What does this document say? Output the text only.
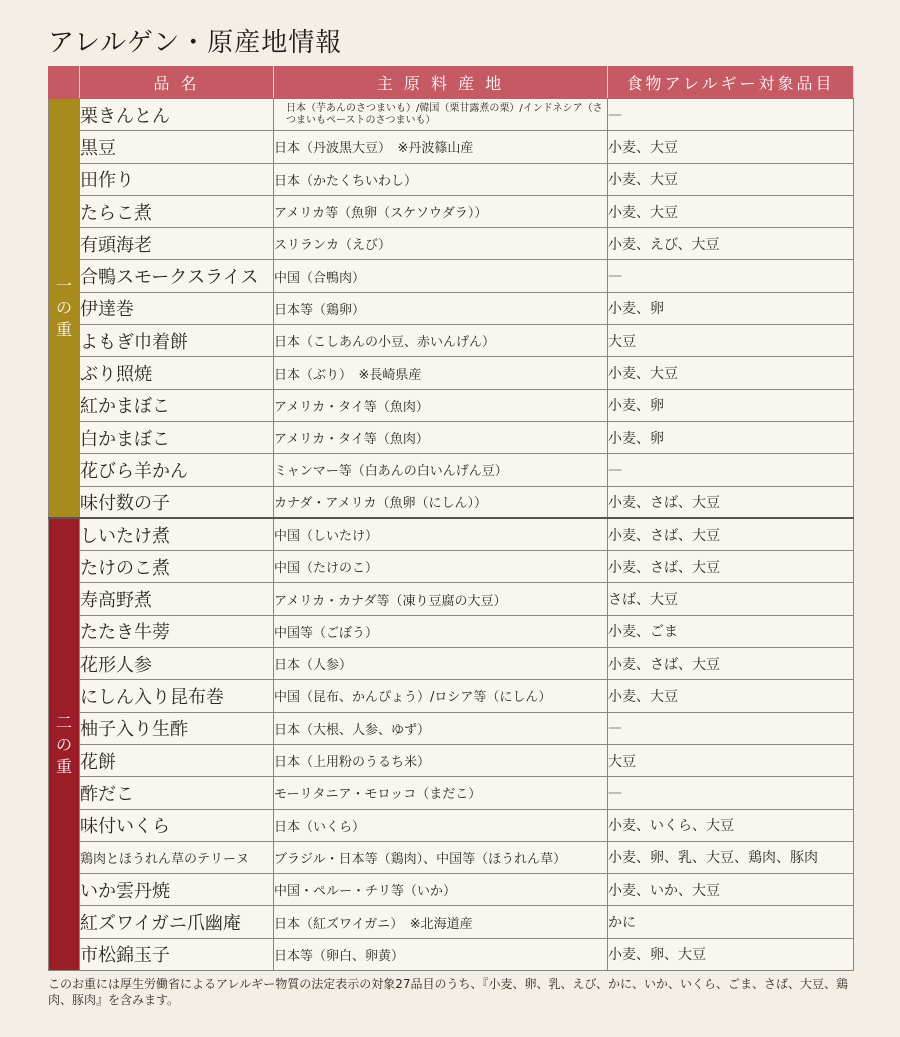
アレルゲン・原産地情報
	品 名	主 原 料 産 地	食物アレルギー対象品目

一
の
重	栗きんとん	日本（芋あんのさつまいも）/韓国（栗甘露煮の栗）/インドネシア（さつまいもペーストのさつまいも）	—
	黒豆	日本（丹波黒大豆）　※丹波篠山産	小麦、大豆
	田作り	日本（かたくちいわし）	小麦、大豆
	たらこ煮	アメリカ等（魚卵（スケソウダラ））	小麦、大豆
	有頭海老	スリランカ（えび）	小麦、えび、大豆
	合鴨スモークスライス	中国（合鴨肉）	—
	伊達巻	日本等（鶏卵）	小麦、卵
	よもぎ巾着餅	日本（こしあんの小豆、赤いんげん）	大豆
	ぶり照焼	日本（ぶり）　※長崎県産	小麦、大豆
	紅かまぼこ	アメリカ・タイ等（魚肉）	小麦、卵
	白かまぼこ	アメリカ・タイ等（魚肉）	小麦、卵
	花びら羊かん	ミャンマー等（白あんの白いんげん豆）	—
	味付数の子	カナダ・アメリカ（魚卵（にしん））	小麦、さば、大豆

二
の
重	しいたけ煮	中国（しいたけ）	小麦、さば、大豆
	たけのこ煮	中国（たけのこ）	小麦、さば、大豆
	寿高野煮	アメリカ・カナダ等（凍り豆腐の大豆）	さば、大豆
	たたき牛蒡	中国等（ごぼう）	小麦、ごま
	花形人参	日本（人参）	小麦、さば、大豆
	にしん入り昆布巻	中国（昆布、かんぴょう）/ロシア等（にしん）	小麦、大豆
	柚子入り生酢	日本（大根、人参、ゆず）	—
	花餅	日本（上用粉のうるち米）	大豆
	酢だこ	モーリタニア・モロッコ（まだこ）	—
	味付いくら	日本（いくら）	小麦、いくら、大豆
	鶏肉とほうれん草のテリーヌ	ブラジル・日本等（鶏肉）、中国等（ほうれん草）	小麦、卵、乳、大豆、鶏肉、豚肉
	いか雲丹焼	中国・ペルー・チリ等（いか）	小麦、いか、大豆
	紅ズワイガニ爪幽庵	日本（紅ズワイガニ）　※北海道産	かに
	市松錦玉子	日本等（卵白、卵黄）	小麦、卵、大豆
このお重には厚生労働省によるアレルギー物質の法定表示の対象27品目のうち、『小麦、卵、乳、えび、かに、いか、いくら、ごま、さば、大豆、鶏肉、豚肉』を含みます。
